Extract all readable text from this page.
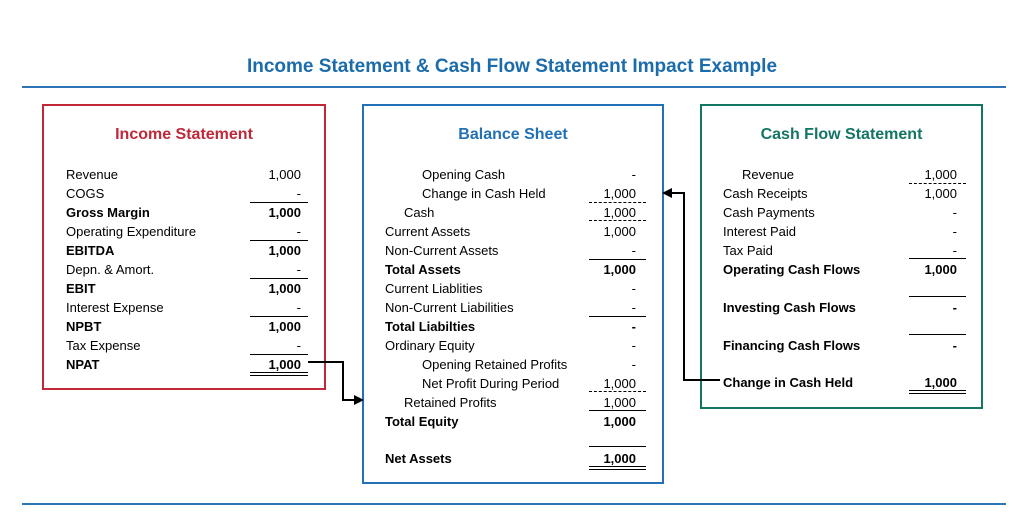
Income Statement & Cash Flow Statement Impact Example
Income Statement
Revenue	1,000
COGS	-
Gross Margin	1,000
Operating Expenditure	-
EBITDA	1,000
Depn. & Amort.	-
EBIT	1,000
Interest Expense	-
NPBT	1,000
Tax Expense	-
NPAT	1,000
Balance Sheet
Opening Cash	-
Change in Cash Held	1,000
Cash	1,000
Current Assets	1,000
Non-Current Assets	-
Total Assets	1,000
Current Liablities	-
Non-Current Liabilities	-
Total Liabilties	-
Ordinary Equity	-
Opening Retained Profits	-
Net Profit During Period	1,000
Retained Profits	1,000
Total Equity	1,000
Net Assets	1,000
Cash Flow Statement
Revenue	1,000
Cash Receipts	1,000
Cash Payments	-
Interest Paid	-
Tax Paid	-
Operating Cash Flows	1,000
Investing Cash Flows	-
Financing Cash Flows	-
Change in Cash Held	1,000
